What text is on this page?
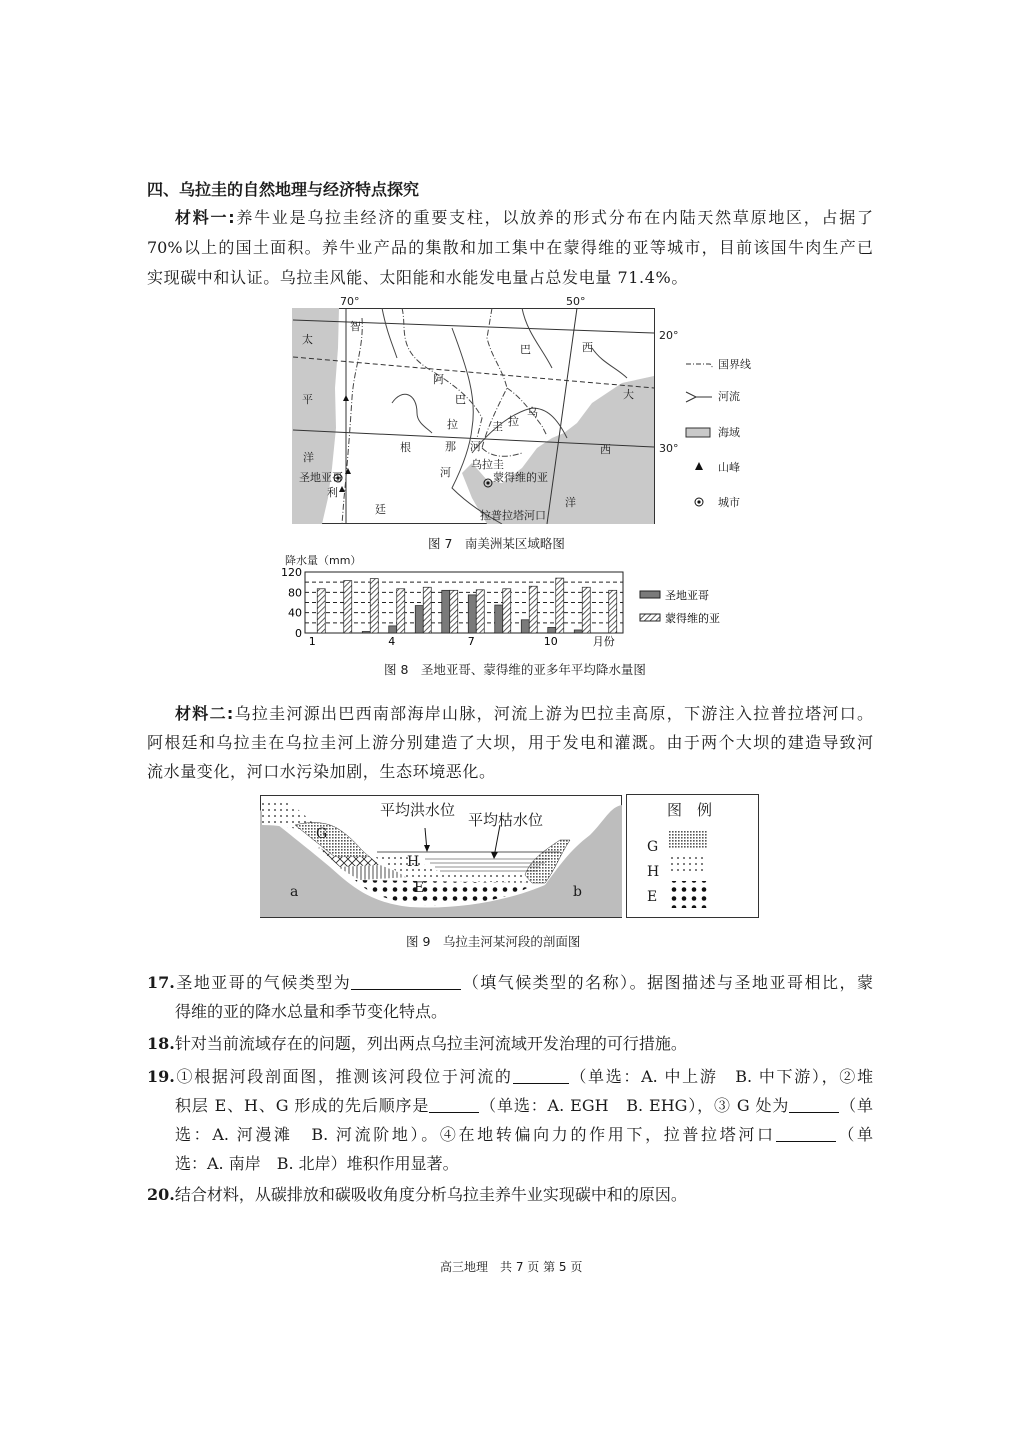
四、乌拉圭的自然地理与经济特点探究
材料一:养牛业是乌拉圭经济的重要支柱，以放养的形式分布在内陆天然草原地区，占据了
70%以上的国土面积。养牛业产品的集散和加工集中在蒙得维的亚等城市，目前该国牛肉生产已
实现碳中和认证。乌拉圭风能、太阳能和水能发电量占总发电量 71.4%。
70°	50°
20°
30°
太
平
洋
智
利
巴	西
阿
巴
拉
乌
拉
圭
大
根	那 河
河
西
洋
廷
乌拉圭
圣地亚哥	蒙得维的亚
拉普拉塔河口
国界线
河流
海域
山峰
城市
图 7　南美洲某区域略图
降水量（mm）
0
40
80
120
1	4	7	10	月份
圣地亚哥
蒙得维的亚
图 8　圣地亚哥、蒙得维的亚多年平均降水量图
材料二:乌拉圭河源出巴西南部海岸山脉，河流上游为巴拉圭高原，下游注入拉普拉塔河口。
阿根廷和乌拉圭在乌拉圭河上游分别建造了大坝，用于发电和灌溉。由于两个大坝的建造导致河
流水量变化，河口水污染加剧，生态环境恶化。
平均洪水位
平均枯水位
G
H
E
a	b
图　例
G
H
E
图 9　乌拉圭河某河段的剖面图
17.圣地亚哥的气候类型为	（填气候类型的名称）。据图描述与圣地亚哥相比，蒙
得维的亚的降水总量和季节变化特点。
18.针对当前流域存在的问题，列出两点乌拉圭河流域开发治理的可行措施。
19.①根据河段剖面图，推测该河段位于河流的	（单选：A. 中上游　B. 中下游），②堆
积层 E、H、G 形成的先后顺序是	（单选：A. EGH　B. EHG），③ G 处为	（单
选：A. 河漫滩　B. 河流阶地）。④在地转偏向力的作用下，拉普拉塔河口	（单
选：A. 南岸　B. 北岸）堆积作用显著。
20.结合材料，从碳排放和碳吸收角度分析乌拉圭养牛业实现碳中和的原因。
高三地理　共 7 页 第 5 页
